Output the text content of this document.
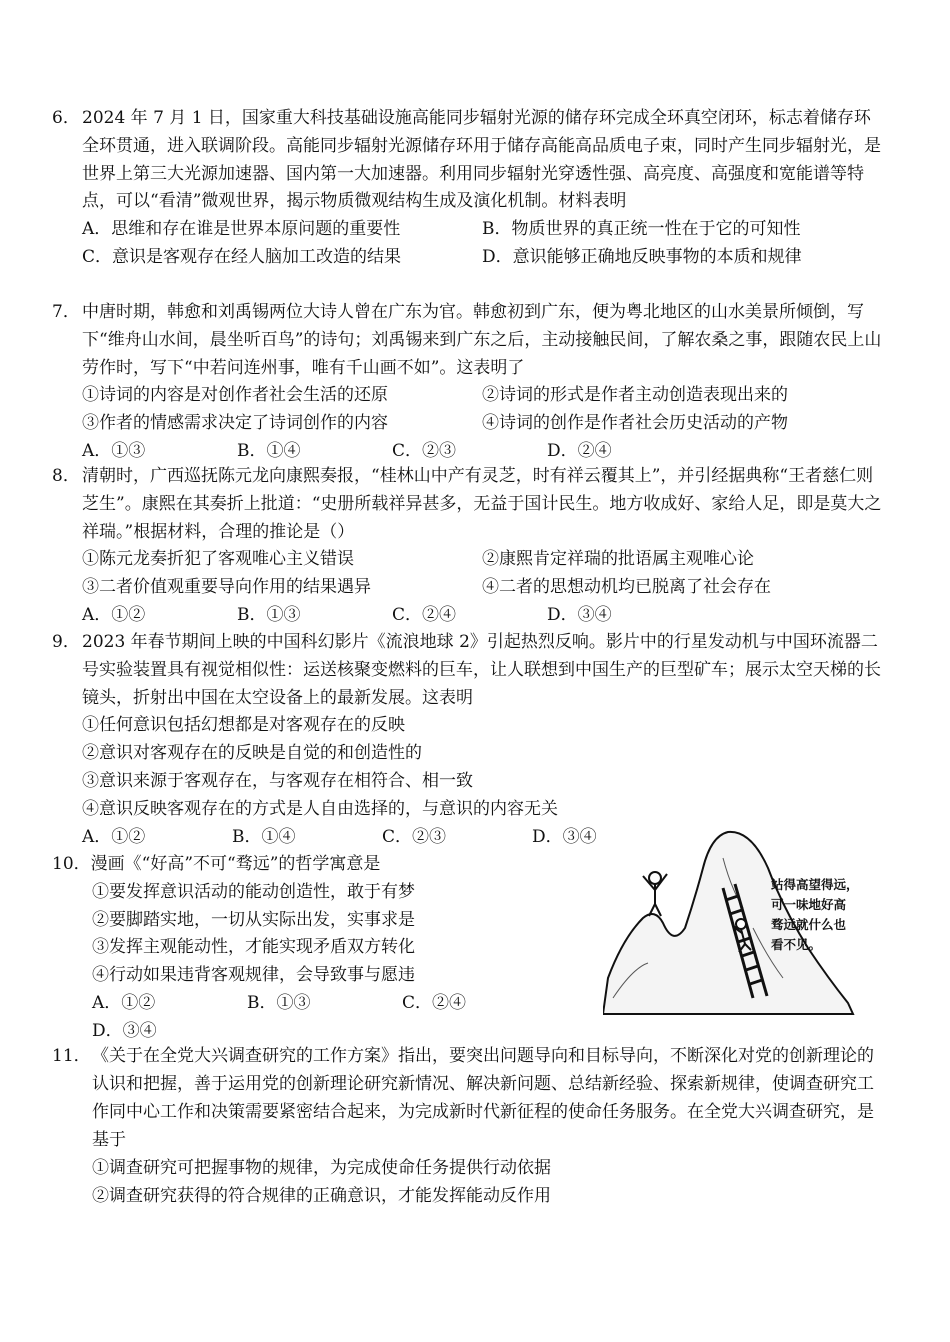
6． 2024 年 7 月 1 日，国家重大科技基础设施高能同步辐射光源的储存环完成全环真空闭环，标志着储存环全环贯通，进入联调阶段。高能同步辐射光源储存环用于储存高能高品质电子束，同时产生同步辐射光，是世界上第三大光源加速器、国内第一大加速器。利用同步辐射光穿透性强、高亮度、高强度和宽能谱等特点，可以“看清”微观世界，揭示物质微观结构生成及演化机制。材料表明

A．思维和存在谁是世界本原问题的重要性	B．物质世界的真正统一性在于它的可知性
C．意识是客观存在经人脑加工改造的结果	D．意识能够正确地反映事物的本质和规律

7． 中唐时期，韩愈和刘禹锡两位大诗人曾在广东为官。韩愈初到广东，便为粤北地区的山水美景所倾倒，写下“维舟山水间，晨坐听百鸟”的诗句；刘禹锡来到广东之后，主动接触民间，了解农桑之事，跟随农民上山劳作时，写下“中若问连州事，唯有千山画不如”。这表明了

①诗词的内容是对创作者社会生活的还原	②诗词的形式是作者主动创造表现出来的
③作者的情感需求决定了诗词创作的内容	④诗词的创作是作者社会历史活动的产物
A．①③	B．①④	C．②③	D．②④

8． 清朝时，广西巡抚陈元龙向康熙奏报，“桂林山中产有灵芝，时有祥云覆其上”，并引经据典称“王者慈仁则芝生”。康熙在其奏折上批道：“史册所载祥异甚多，无益于国计民生。地方收成好、家给人足，即是莫大之祥瑞。”根据材料，合理的推论是（）

①陈元龙奏折犯了客观唯心主义错误	②康熙肯定祥瑞的批语属主观唯心论
③二者价值观重要导向作用的结果遇异	④二者的思想动机均已脱离了社会存在
A．①②	B．①③	C．②④	D．③④

9． 2023 年春节期间上映的中国科幻影片《流浪地球 2》引起热烈反响。影片中的行星发动机与中国环流器二号实验装置具有视觉相似性：运送核聚变燃料的巨车，让人联想到中国生产的巨型矿车；展示太空天梯的长镜头，折射出中国在太空设备上的最新发展。这表明

①任何意识包括幻想都是对客观存在的反映
②意识对客观存在的反映是自觉的和创造性的
③意识来源于客观存在，与客观存在相符合、相一致
④意识反映客观存在的方式是人自由选择的，与意识的内容无关
A．①②	B．①④	C．②③	D．③④
10．漫画《“好高”不可“骛远”的哲学寓意是
①要发挥意识活动的能动创造性，敢于有梦
②要脚踏实地，一切从实际出发，实事求是
③发挥主观能动性，才能实现矛盾双方转化
④行动如果违背客观规律，会导致事与愿违
A．①②	B．①③	C．②④
D．③④
站得高望得远，
可一味地好高
骛远就什么也
看不见。

11．《关于在全党大兴调查研究的工作方案》指出，要突出问题导向和目标导向，不断深化对党的创新理论的认识和把握，善于运用党的创新理论研究新情况、解决新问题、总结新经验、探索新规律，使调查研究工作同中心工作和决策需要紧密结合起来，为完成新时代新征程的使命任务服务。在全党大兴调查研究，是基于

①调查研究可把握事物的规律，为完成使命任务提供行动依据
②调查研究获得的符合规律的正确意识，才能发挥能动反作用
